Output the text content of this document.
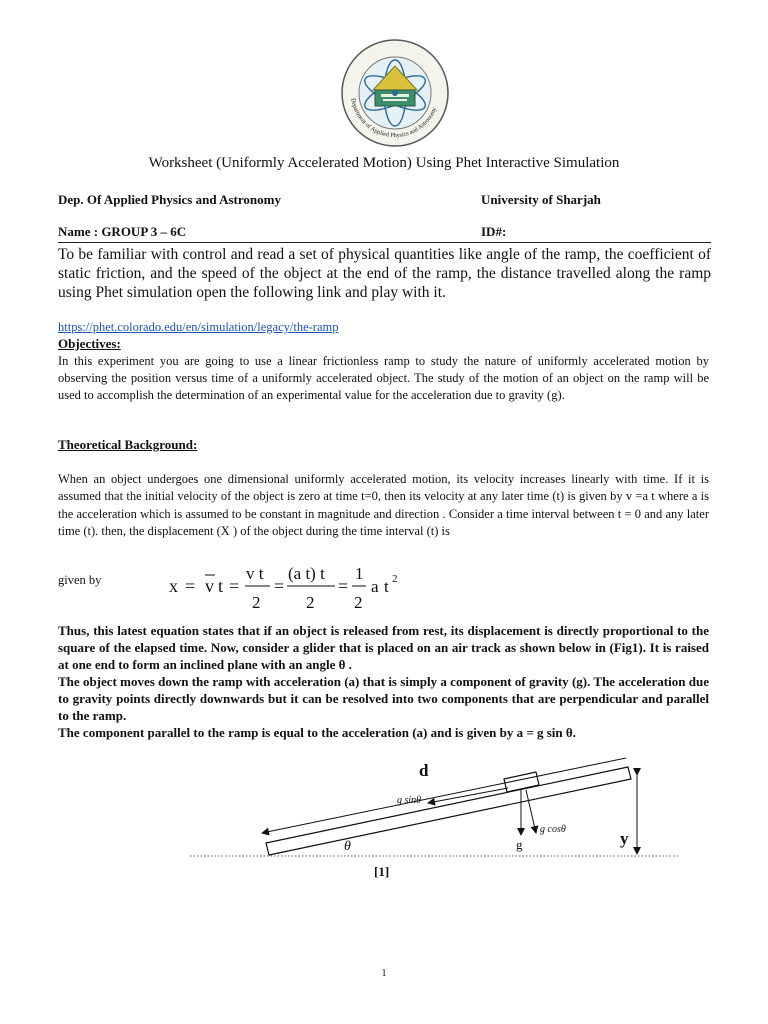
Department of Applied Physics and Astronomy
Worksheet (Uniformly Accelerated Motion) Using Phet Interactive Simulation
Dep. Of Applied Physics and Astronomy	University of Sharjah
Name : GROUP 3 – 6C	ID#:

To be familiar with control and read a set of physical quantities like angle of the ramp, the coefficient of static friction, and the speed of the object at the end of the ramp, the distance travelled along the ramp using Phet simulation open the following link and play with it.

https://phet.colorado.edu/en/simulation/legacy/the-ramp
Objectives:

In this experiment you are going to use a linear frictionless ramp to study the nature of uniformly accelerated motion by observing the position versus time of a uniformly accelerated object. The study of the motion of an object on the ramp will be used to accomplish the determination of an experimental value for the acceleration due to gravity (g).

Theoretical Background:

When an object undergoes one dimensional uniformly accelerated motion, its velocity increases linearly with time. If it is assumed that the initial velocity of the object is zero at time t=0, then its velocity at any later time (t) is given by v =a t where a is the acceleration which is assumed to be constant in magnitude and direction . Consider a time interval between t = 0 and any later time (t). then, the displacement (X ) of the object during the time interval (t) is

given by	x = v t =
v t
2
=
(a t) t
2
=
1
2
a t 2

Thus, this latest equation states that if an object is released from rest, its displacement is directly proportional to the square of the elapsed time. Now, consider a glider that is placed on an air track as shown below in (Fig1). It is raised at one end to form an inclined plane with an angle θ .
The object moves down the ramp with acceleration (a) that is simply a component of gravity (g). The acceleration due to gravity points directly downwards but it can be resolved into two components that are perpendicular and parallel to the ramp.
The component parallel to the ramp is equal to the acceleration (a) and is given by a = g sin θ.

d
g sinθ
g
g cosθ	y
θ
[1]
1
